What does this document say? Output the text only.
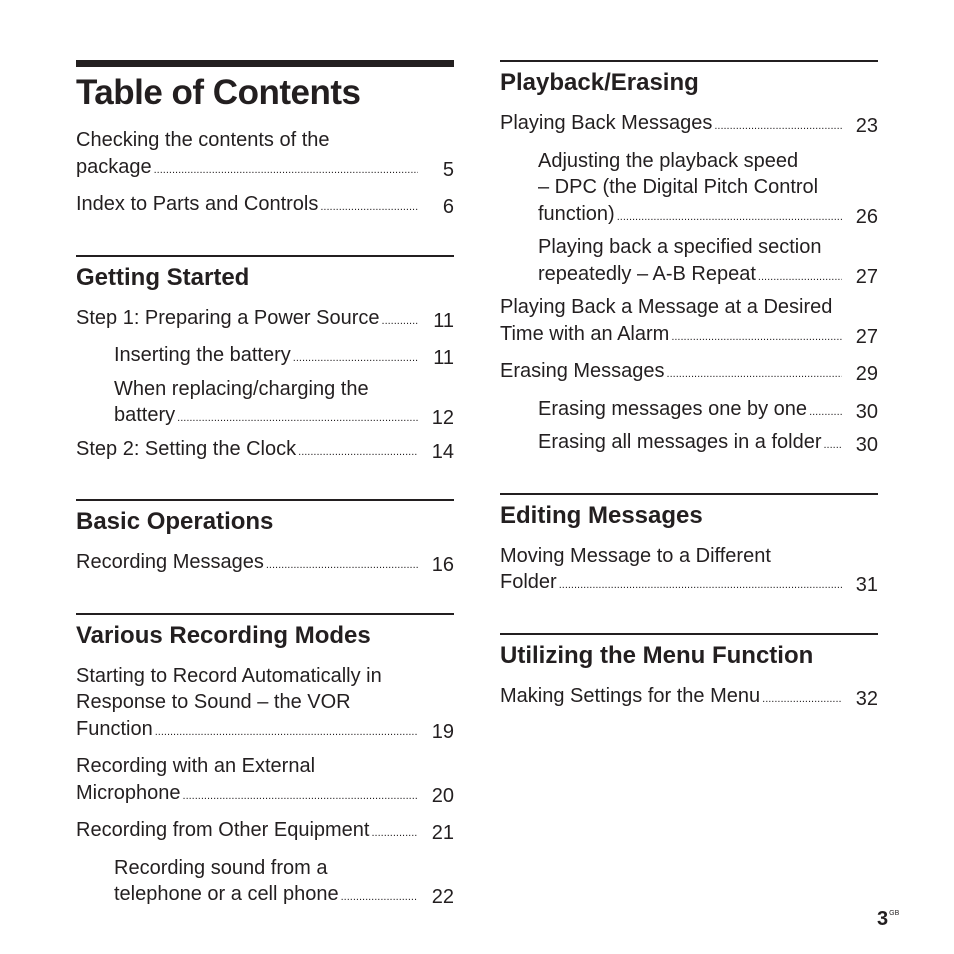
Table of Contents
Checking the contents of the
package .....	5
Index to Parts and Controls .....	6
Getting Started
Step 1: Preparing a Power Source .....	11
Inserting the battery .....	11
When replacing/charging the
battery .....	12
Step 2: Setting the Clock .....	14
Basic Operations
Recording Messages .....	16
Various Recording Modes
Starting to Record Automatically in
Response to Sound – the VOR
Function .....	19
Recording with an External
Microphone .....	20
Recording from Other Equipment .....	21
Recording sound from a
telephone or a cell phone .....	22
Playback/Erasing
Playing Back Messages .....	23
Adjusting the playback speed
– DPC (the Digital Pitch Control
function) .....	26
Playing back a specified section
repeatedly – A-B Repeat .....	27
Playing Back a Message at a Desired
Time with an Alarm .....	27
Erasing Messages .....	29
Erasing messages one by one ..... 30
Erasing all messages in a folder ..... 30
Editing Messages
Moving Message to a Different
Folder .....	31
Utilizing the Menu Function
Making Settings for the Menu .....	32
$3^{GB}$
